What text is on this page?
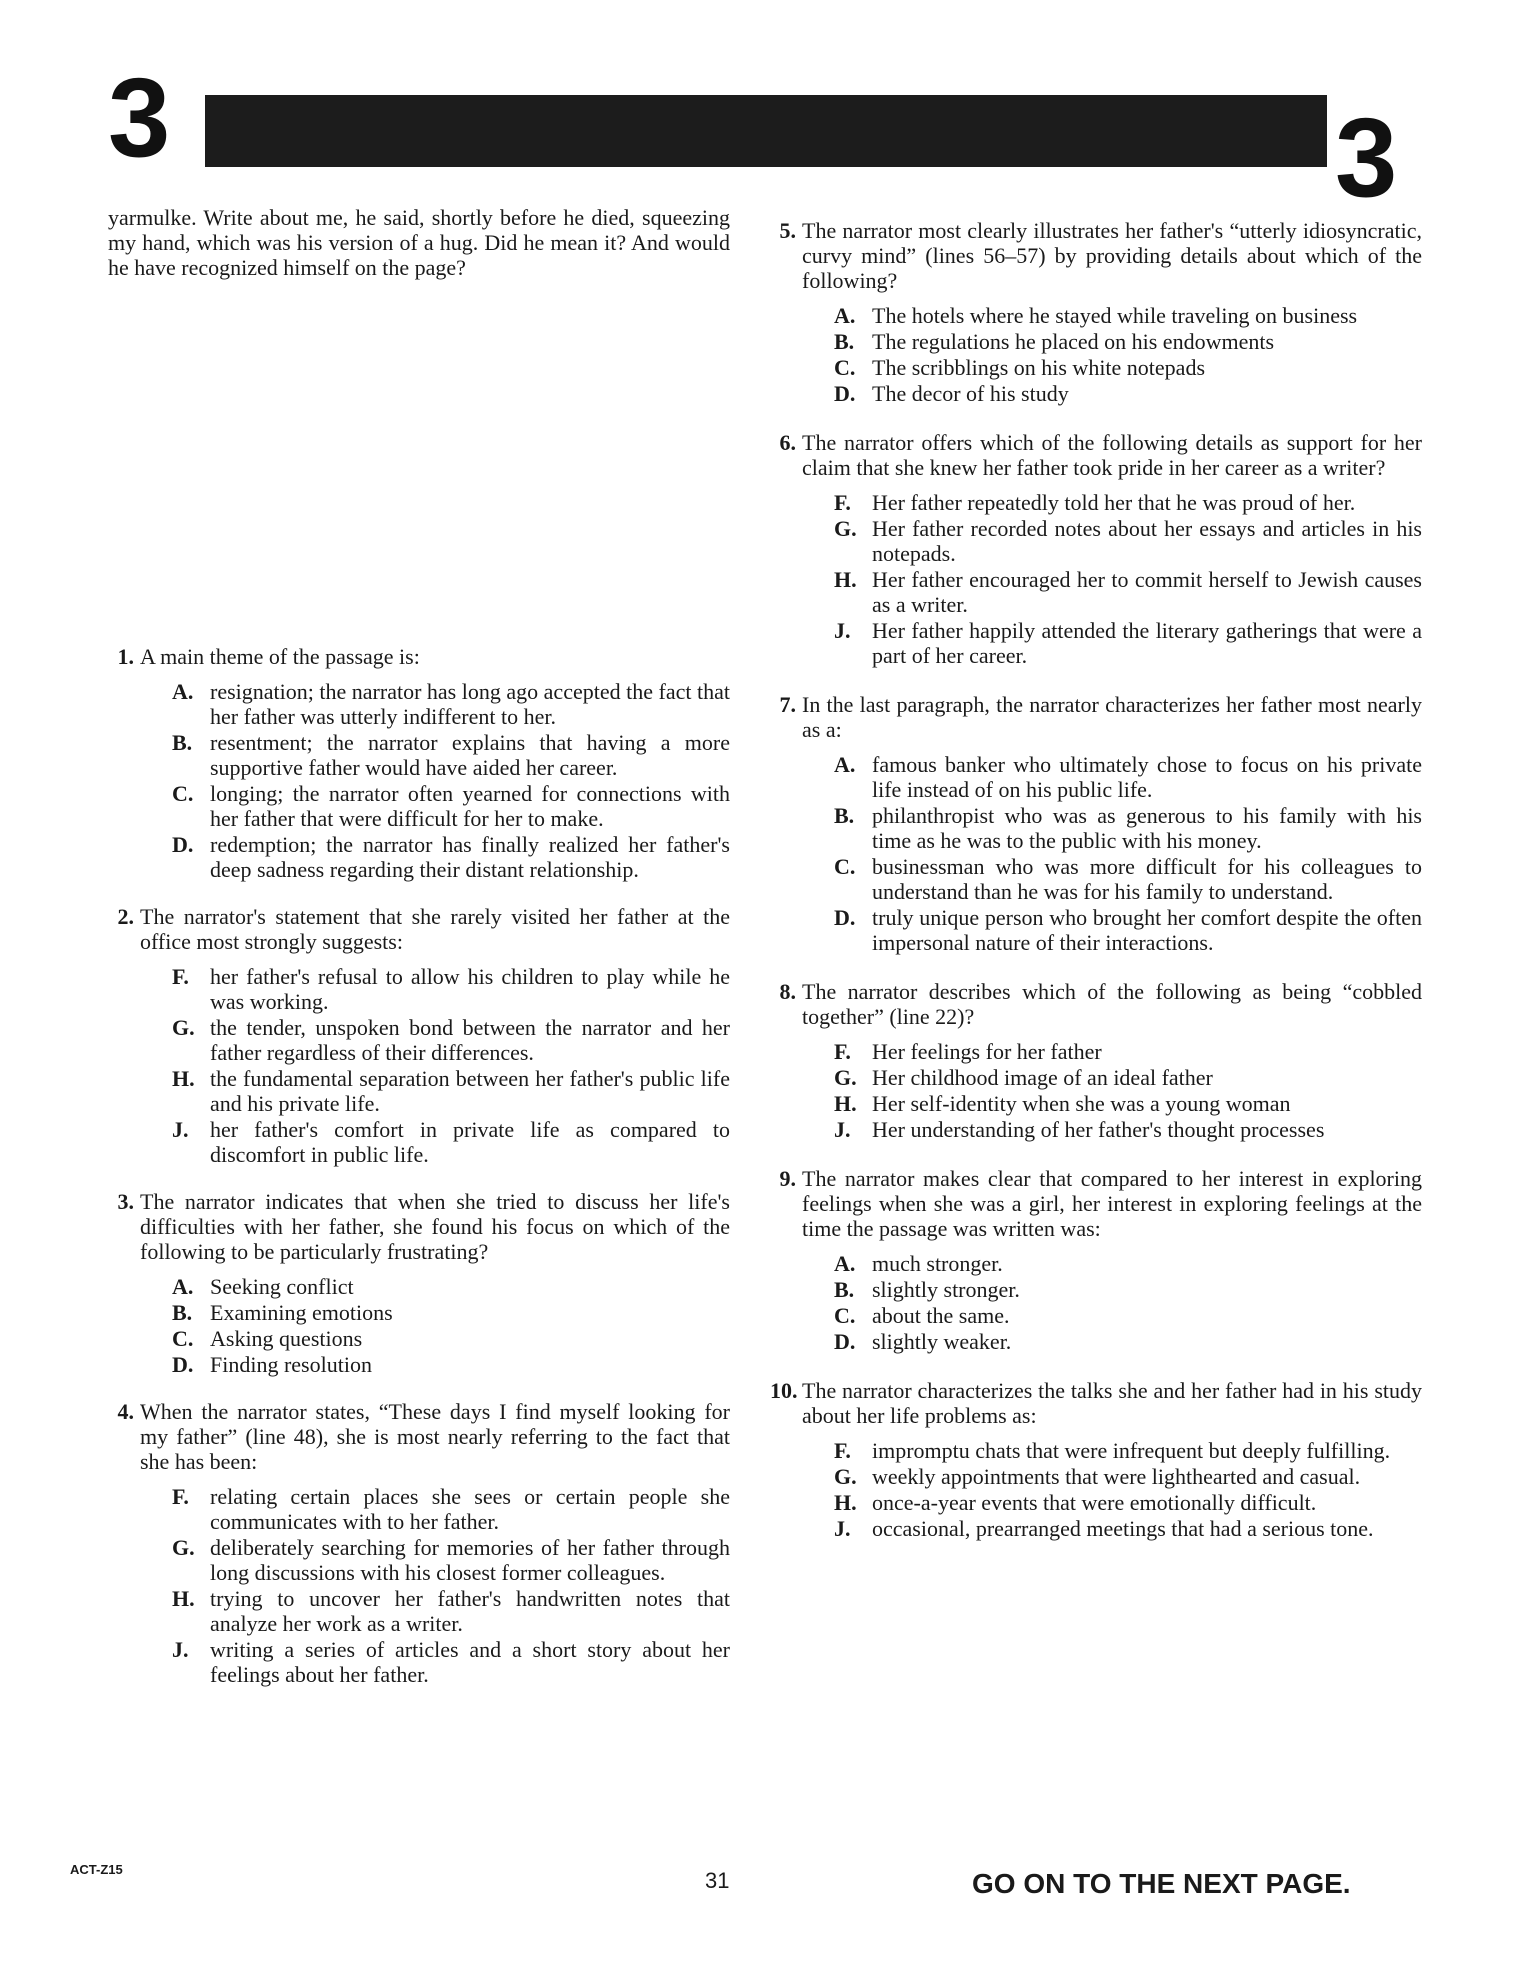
3	3
yarmulke. Write about me, he said, shortly before he died, squeezing my hand, which was his version of a hug. Did he mean it? And would he have recognized himself on the page?
1. A main theme of the passage is:
A. resignation; the narrator has long ago accepted the fact that her father was utterly indifferent to her.
B. resentment; the narrator explains that having a more supportive father would have aided her career.
C. longing; the narrator often yearned for connections with her father that were difficult for her to make.
D. redemption; the narrator has finally realized her father's deep sadness regarding their distant relationship.
2. The narrator's statement that she rarely visited her father at the office most strongly suggests:
F. her father's refusal to allow his children to play while he was working.
G. the tender, unspoken bond between the narrator and her father regardless of their differences.
H. the fundamental separation between her father's public life and his private life.
J. her father's comfort in private life as compared to discomfort in public life.
3. The narrator indicates that when she tried to discuss her life's difficulties with her father, she found his focus on which of the following to be particularly frustrating?
A. Seeking conflict
B. Examining emotions
C. Asking questions
D. Finding resolution
4. When the narrator states, “These days I find myself looking for my father” (line 48), she is most nearly referring to the fact that she has been:
F. relating certain places she sees or certain people she communicates with to her father.
G. deliberately searching for memories of her father through long discussions with his closest former colleagues.
H. trying to uncover her father's handwritten notes that analyze her work as a writer.
J. writing a series of articles and a short story about her feelings about her father.
5. The narrator most clearly illustrates her father's “utterly idiosyncratic, curvy mind” (lines 56–57) by providing details about which of the following?
A. The hotels where he stayed while traveling on business
B. The regulations he placed on his endowments
C. The scribblings on his white notepads
D. The decor of his study
6. The narrator offers which of the following details as support for her claim that she knew her father took pride in her career as a writer?
F. Her father repeatedly told her that he was proud of her.
G. Her father recorded notes about her essays and articles in his notepads.
H. Her father encouraged her to commit herself to Jewish causes as a writer.
J. Her father happily attended the literary gatherings that were a part of her career.
7. In the last paragraph, the narrator characterizes her father most nearly as a:
A. famous banker who ultimately chose to focus on his private life instead of on his public life.
B. philanthropist who was as generous to his family with his time as he was to the public with his money.
C. businessman who was more difficult for his colleagues to understand than he was for his family to understand.
D. truly unique person who brought her comfort despite the often impersonal nature of their interactions.
8. The narrator describes which of the following as being “cobbled together” (line 22)?
F. Her feelings for her father
G. Her childhood image of an ideal father
H. Her self-identity when she was a young woman
J. Her understanding of her father's thought processes
9. The narrator makes clear that compared to her interest in exploring feelings when she was a girl, her interest in exploring feelings at the time the passage was written was:
A. much stronger.
B. slightly stronger.
C. about the same.
D. slightly weaker.
10. The narrator characterizes the talks she and her father had in his study about her life problems as:
F. impromptu chats that were infrequent but deeply fulfilling.
G. weekly appointments that were lighthearted and casual.
H. once-a-year events that were emotionally difficult.
J. occasional, prearranged meetings that had a serious tone.
ACT-Z15	31	GO ON TO THE NEXT PAGE.
